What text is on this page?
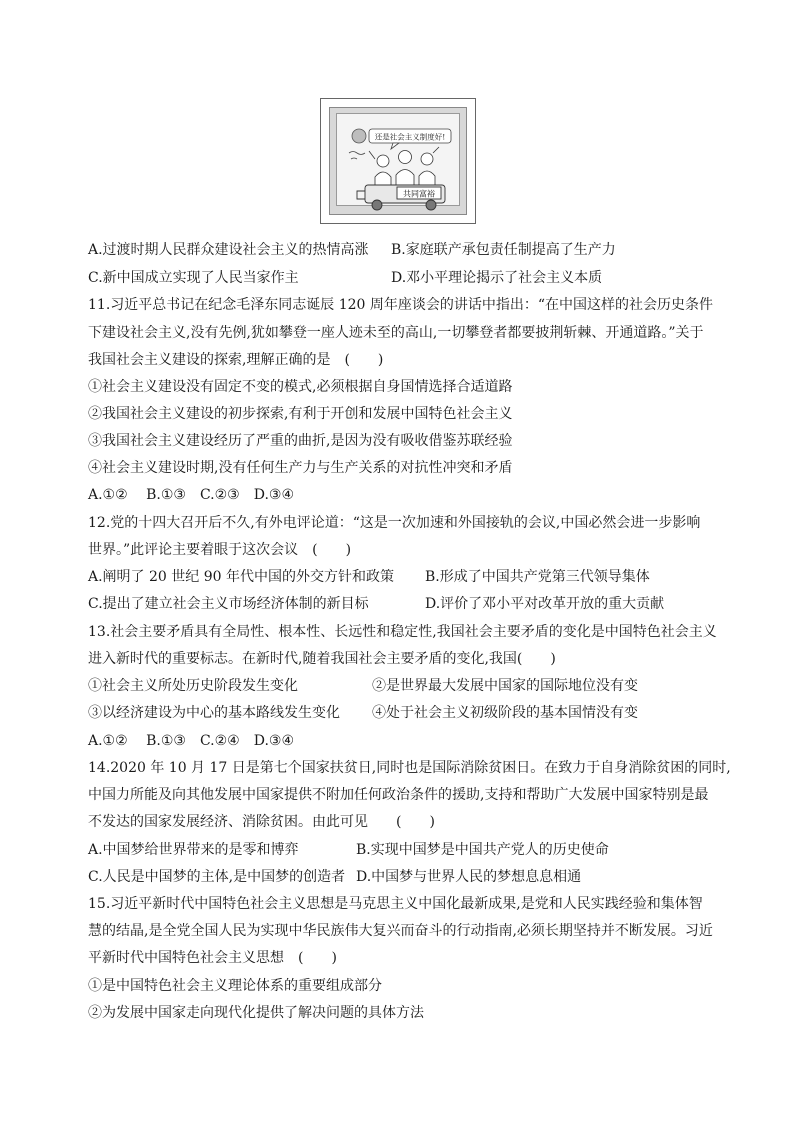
还是社会主义制度好!
共同富裕
A.过渡时期人民群众建设社会主义的热情高涨 B.家庭联产承包责任制提高了生产力
C.新中国成立实现了人民当家作主	D.邓小平理论揭示了社会主义本质
11.习近平总书记在纪念毛泽东同志诞辰 120 周年座谈会的讲话中指出：“在中国这样的社会历史条件
下建设社会主义,没有先例,犹如攀登一座人迹未至的高山,一切攀登者都要披荆斩棘、开通道路。”关于
我国社会主义建设的探索,理解正确的是　(　　)
①社会主义建设没有固定不变的模式,必须根据自身国情选择合适道路
②我国社会主义建设的初步探索,有利于开创和发展中国特色社会主义
③我国社会主义建设经历了严重的曲折,是因为没有吸收借鉴苏联经验
④社会主义建设时期,没有任何生产力与生产关系的对抗性冲突和矛盾
A.①②　 B.①③　C.②③　D.③④
12.党的十四大召开后不久,有外电评论道：“这是一次加速和外国接轨的会议,中国必然会进一步影响
世界。”此评论主要着眼于这次会议　(　　)
A.阐明了 20 世纪 90 年代中国的外交方针和政策 B.形成了中国共产党第三代领导集体
C.提出了建立社会主义市场经济体制的新目标	D.评价了邓小平对改革开放的重大贡献
13.社会主要矛盾具有全局性、根本性、长远性和稳定性,我国社会主要矛盾的变化是中国特色社会主义
进入新时代的重要标志。在新时代,随着我国社会主要矛盾的变化,我国(　　)
①社会主义所处历史阶段发生变化	②是世界最大发展中国家的国际地位没有变
③以经济建设为中心的基本路线发生变化 ④处于社会主义初级阶段的基本国情没有变
A.①②　 B.①③　C.②④　D.③④
14.2020 年 10 月 17 日是第七个国家扶贫日,同时也是国际消除贫困日。在致力于自身消除贫困的同时,
中国力所能及向其他发展中国家提供不附加任何政治条件的援助,支持和帮助广大发展中国家特别是最
不发达的国家发展经济、消除贫困。由此可见　　(　　)
A.中国梦给世界带来的是零和博弈	B.实现中国梦是中国共产党人的历史使命
C.人民是中国梦的主体,是中国梦的创造者 D.中国梦与世界人民的梦想息息相通
15.习近平新时代中国特色社会主义思想是马克思主义中国化最新成果,是党和人民实践经验和集体智
慧的结晶,是全党全国人民为实现中华民族伟大复兴而奋斗的行动指南,必须长期坚持并不断发展。习近
平新时代中国特色社会主义思想　(　　)
①是中国特色社会主义理论体系的重要组成部分
②为发展中国家走向现代化提供了解决问题的具体方法
